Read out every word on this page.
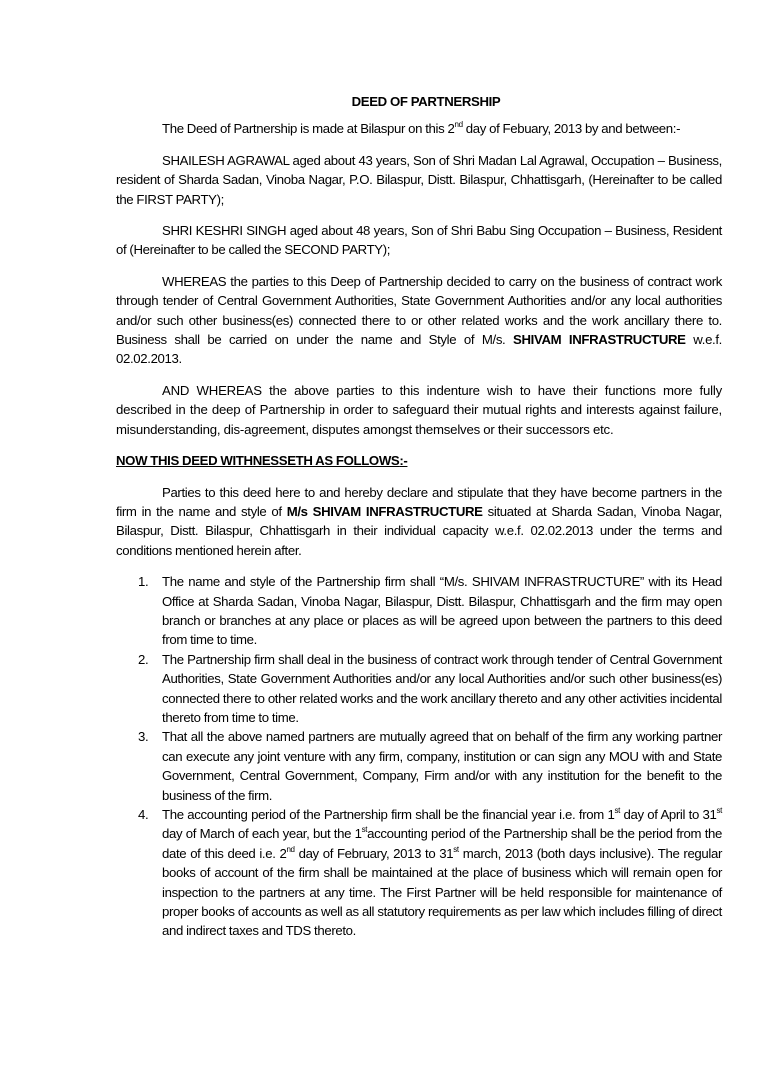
DEED OF PARTNERSHIP

The Deed of Partnership is made at Bilaspur on this 2nd day of Febuary, 2013 by and between:-

SHAILESH AGRAWAL aged about 43 years, Son of Shri Madan Lal Agrawal, Occupation – Business, resident of Sharda Sadan, Vinoba Nagar, P.O. Bilaspur, Distt. Bilaspur, Chhattisgarh, (Hereinafter to be called the FIRST PARTY);

SHRI KESHRI SINGH aged about 48 years, Son of Shri Babu Sing Occupation – Business, Resident of (Hereinafter to be called the SECOND PARTY);

WHEREAS the parties to this Deep of Partnership decided to carry on the business of contract work through tender of Central Government Authorities, State Government Authorities and/or any local authorities and/or such other business(es) connected there to or other related works and the work ancillary there to. Business shall be carried on under the name and Style of M/s. SHIVAM INFRASTRUCTURE w.e.f. 02.02.2013.

AND WHEREAS the above parties to this indenture wish to have their functions more fully described in the deep of Partnership in order to safeguard their mutual rights and interests against failure, misunderstanding, dis-agreement, disputes amongst themselves or their successors etc.

NOW THIS DEED WITHNESSETH AS FOLLOWS:-

Parties to this deed here to and hereby declare and stipulate that they have become partners in the firm in the name and style of M/s SHIVAM INFRASTRUCTURE situated at Sharda Sadan, Vinoba Nagar, Bilaspur, Distt. Bilaspur, Chhattisgarh in their individual capacity w.e.f. 02.02.2013 under the terms and conditions mentioned herein after.

1. The name and style of the Partnership firm shall “M/s. SHIVAM INFRASTRUCTURE” with its Head Office at Sharda Sadan, Vinoba Nagar, Bilaspur, Distt. Bilaspur, Chhattisgarh and the firm may open branch or branches at any place or places as will be agreed upon between the partners to this deed from time to time.
2. The Partnership firm shall deal in the business of contract work through tender of Central Government Authorities, State Government Authorities and/or any local Authorities and/or such other business(es) connected there to other related works and the work ancillary thereto and any other activities incidental thereto from time to time.
3. That all the above named partners are mutually agreed that on behalf of the firm any working partner can execute any joint venture with any firm, company, institution or can sign any MOU with and State Government, Central Government, Company, Firm and/or with any institution for the benefit to the business of the firm.
4. The accounting period of the Partnership firm shall be the financial year i.e. from 1st day of April to 31st day of March of each year, but the 1staccounting period of the Partnership shall be the period from the date of this deed i.e. 2nd day of February, 2013 to 31st march, 2013 (both days inclusive). The regular books of account of the firm shall be maintained at the place of business which will remain open for inspection to the partners at any time. The First Partner will be held responsible for maintenance of proper books of accounts as well as all statutory requirements as per law which includes filling of direct and indirect taxes and TDS thereto.
